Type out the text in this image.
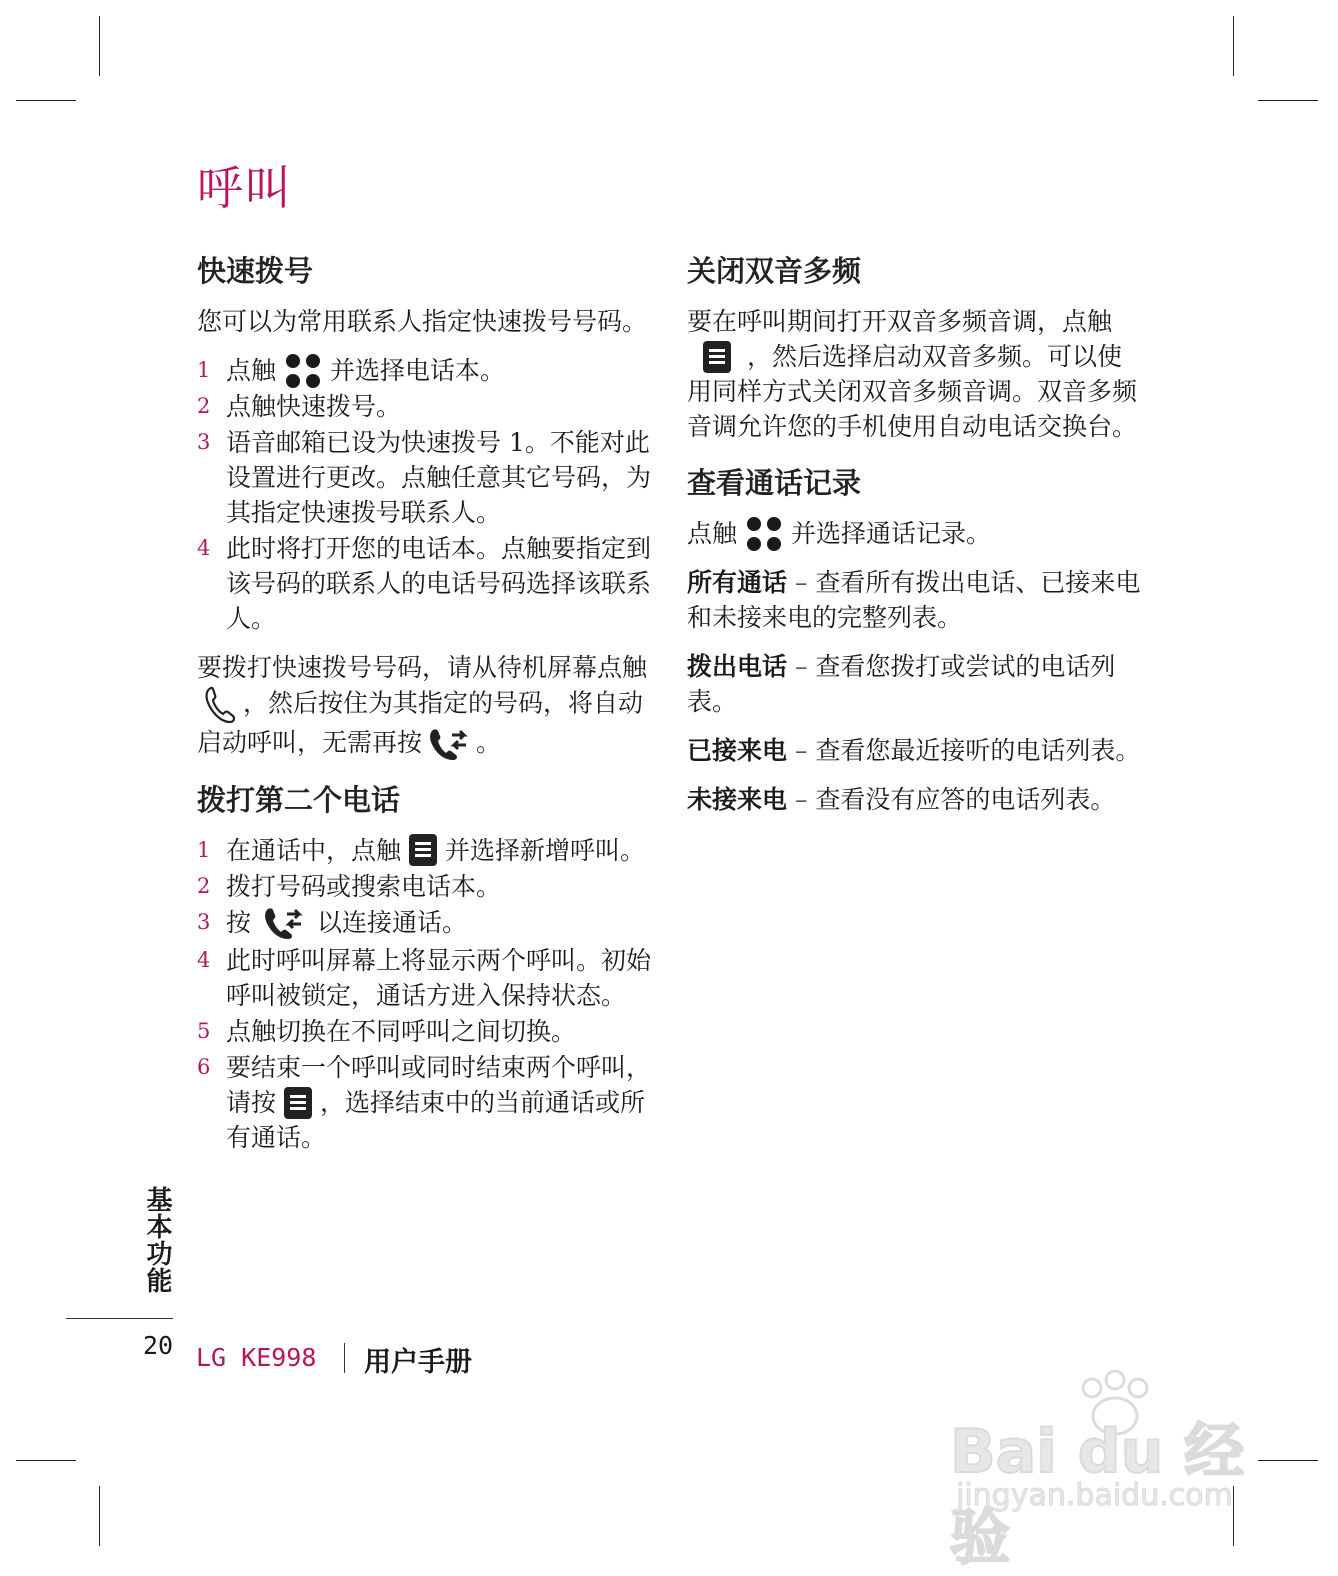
呼叫
快速拨号

您可以为常用联系人指定快速拨号号码。

1 点触 并选择电话本。
2 点触快速拨号。
3 语音邮箱已设为快速拨号 1。不能对此设置进行更改。点触任意其它号码，为其指定快速拨号联系人。
4 此时将打开您的电话本。点触要指定到该号码的联系人的电话号码选择该联系人。

要拨打快速拨号号码，请从待机屏幕点触，然后按住为其指定的号码，将自动启动呼叫，无需再按 。

拨打第二个电话
1 在通话中，点触 并选择新增呼叫。
2 拨打号码或搜索电话本。
3 按	以连接通话。
4 此时呼叫屏幕上将显示两个呼叫。初始呼叫被锁定，通话方进入保持状态。
5 点触切换在不同呼叫之间切换。
6 要结束一个呼叫或同时结束两个呼叫，请按 ，选择结束中的当前通话或所有通话。
关闭双音多频

要在呼叫期间打开双音多频音调，点触
，然后选择启动双音多频。可以使用同样方式关闭双音多频音调。双音多频音调允许您的手机使用自动电话交换台。

查看通话记录

点触 并选择通话记录。

所有通话 – 查看所有拨出电话、已接来电和未接来电的完整列表。

拨出电话 – 查看您拨打或尝试的电话列表。

已接来电 – 查看您最近接听的电话列表。

未接来电 – 查看没有应答的电话列表。

基本功能
20 LG KE998 用户手册
Bai du 经验
jingyan.baidu.com
